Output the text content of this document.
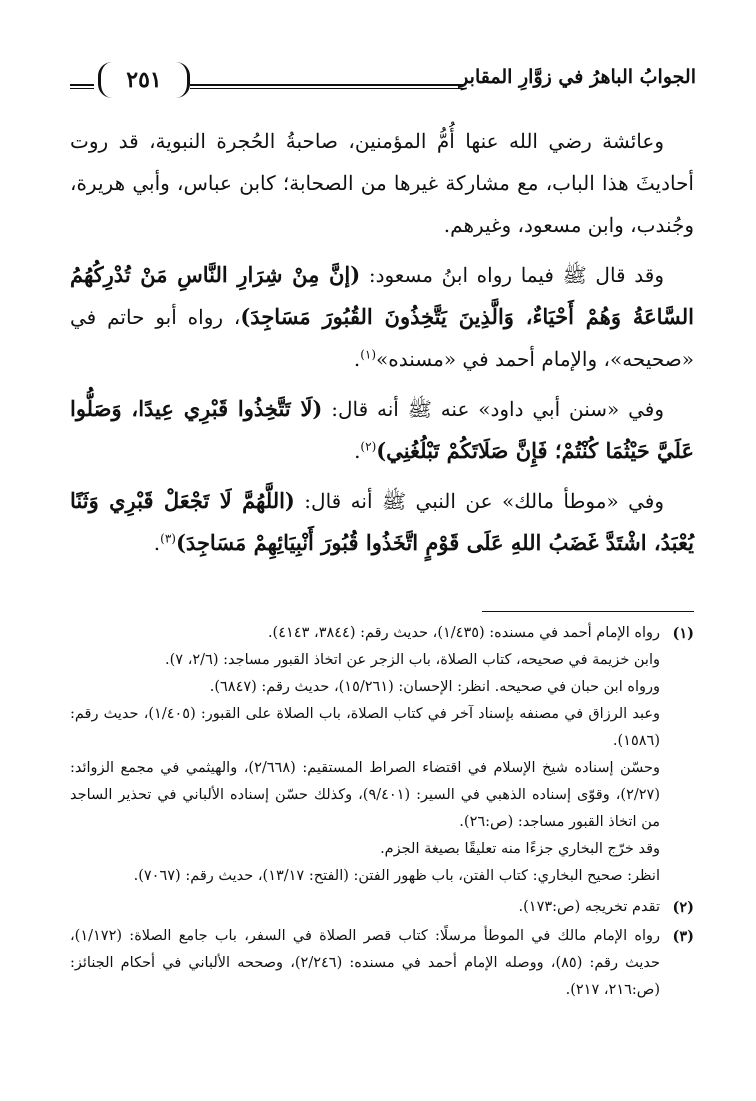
الجوابُ الباهرُ في زوَّارِ المقابرِ
٢٥١

وعائشة رضي الله عنها أُمُّ المؤمنين، صاحبةُ الحُجرة النبوية، قد روت أحاديثَ هذا الباب، مع مشاركة غيرها من الصحابة؛ كابن عباس، وأبي هريرة، وجُندب، وابن مسعود، وغيرهم.

وقد قال ﷺ فيما رواه ابنُ مسعود: (إنَّ مِنْ شِرَارِ النَّاسِ مَنْ تُدْرِكُهُمُ السَّاعَةُ وَهُمْ أَحْيَاءٌ، وَالَّذِينَ يَتَّخِذُونَ القُبُورَ مَسَاجِدَ)، رواه أبو حاتم في «صحيحه»، والإمام أحمد في «مسنده»$^{(١)}$.

وفي «سنن أبي داود» عنه ﷺ أنه قال: (لَا تَتَّخِذُوا قَبْرِي عِيدًا، وَصَلُّوا عَلَيَّ حَيْثُمَا كُنْتُمْ؛ فَإِنَّ صَلَاتَكُمْ تَبْلُغُنِي)$^{(٢)}$.

وفي «موطأ مالك» عن النبي ﷺ أنه قال: (اللَّهُمَّ لَا تَجْعَلْ قَبْرِي وَثَنًا يُعْبَدُ، اشْتَدَّ غَضَبُ اللهِ عَلَى قَوْمٍ اتَّخَذُوا قُبُورَ أَنْبِيَائِهِمْ مَسَاجِدَ)$^{(٣)}$.

(١)
رواه الإمام أحمد في مسنده: (١/٤٣٥)، حديث رقم: (٣٨٤٤، ٤١٤٣).
وابن خزيمة في صحيحه، كتاب الصلاة، باب الزجر عن اتخاذ القبور مساجد: (٢/٦، ٧).
ورواه ابن حبان في صحيحه. انظر: الإحسان: (١٥/٢٦١)، حديث رقم: (٦٨٤٧).
وعبد الرزاق في مصنفه بإسناد آخر في كتاب الصلاة، باب الصلاة على القبور: (١/٤٠٥)، حديث رقم: (١٥٨٦).
وحسّن إسناده شيخ الإسلام في اقتضاء الصراط المستقيم: (٢/٦٦٨)، والهيثمي في مجمع الزوائد: (٢/٢٧)، وقوّى إسناده الذهبي في السير: (٩/٤٠١)، وكذلك حسّن إسناده الألباني في تحذير الساجد من اتخاذ القبور مساجد: (ص:٢٦).
وقد خرّج البخاري جزءًا منه تعليقًا بصيغة الجزم.
انظر: صحيح البخاري: كتاب الفتن، باب ظهور الفتن: (الفتح: ١٣/١٧)، حديث رقم: (٧٠٦٧).
(٢)
تقدم تخريجه (ص:١٧٣).
(٣)
رواه الإمام مالك في الموطأ مرسلًا: كتاب قصر الصلاة في السفر، باب جامع الصلاة: (١/١٧٢)، حديث رقم: (٨٥)، ووصله الإمام أحمد في مسنده: (٢/٢٤٦)، وصححه الألباني في أحكام الجنائز: (ص:٢١٦، ٢١٧).
